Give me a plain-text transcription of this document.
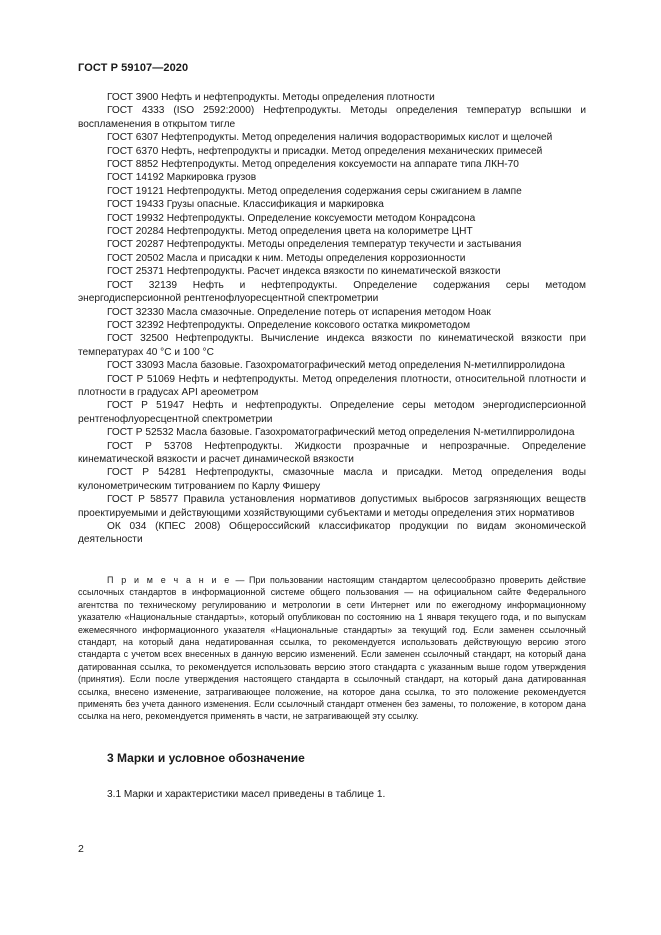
ГОСТ Р 59107—2020

ГОСТ 3900 Нефть и нефтепродукты. Методы определения плотности

ГОСТ 4333 (ISO 2592:2000) Нефтепродукты. Методы определения температур вспышки и воспламенения в открытом тигле

ГОСТ 6307 Нефтепродукты. Метод определения наличия водорастворимых кислот и щелочей

ГОСТ 6370 Нефть, нефтепродукты и присадки. Метод определения механических примесей

ГОСТ 8852 Нефтепродукты. Метод определения коксуемости на аппарате типа ЛКН-70

ГОСТ 14192 Маркировка грузов

ГОСТ 19121 Нефтепродукты. Метод определения содержания серы сжиганием в лампе

ГОСТ 19433 Грузы опасные. Классификация и маркировка

ГОСТ 19932 Нефтепродукты. Определение коксуемости методом Конрадсона

ГОСТ 20284 Нефтепродукты. Метод определения цвета на колориметре ЦНТ

ГОСТ 20287 Нефтепродукты. Методы определения температур текучести и застывания

ГОСТ 20502 Масла и присадки к ним. Методы определения коррозионности

ГОСТ 25371 Нефтепродукты. Расчет индекса вязкости по кинематической вязкости

ГОСТ 32139 Нефть и нефтепродукты. Определение содержания серы методом энергодисперсионной рентгенофлуоресцентной спектрометрии

ГОСТ 32330 Масла смазочные. Определение потерь от испарения методом Ноак

ГОСТ 32392 Нефтепродукты. Определение коксового остатка микрометодом

ГОСТ 32500 Нефтепродукты. Вычисление индекса вязкости по кинематической вязкости при температурах 40 °С и 100 °С

ГОСТ 33093 Масла базовые. Газохроматографический метод определения N-метилпирролидона

ГОСТ Р 51069 Нефть и нефтепродукты. Метод определения плотности, относительной плотности и плотности в градусах API ареометром

ГОСТ Р 51947 Нефть и нефтепродукты. Определение серы методом энергодисперсионной рентгенофлуоресцентной спектрометрии

ГОСТ Р 52532 Масла базовые. Газохроматографический метод определения N-метилпирролидона

ГОСТ Р 53708 Нефтепродукты. Жидкости прозрачные и непрозрачные. Определение кинематической вязкости и расчет динамической вязкости

ГОСТ Р 54281 Нефтепродукты, смазочные масла и присадки. Метод определения воды кулонометрическим титрованием по Карлу Фишеру

ГОСТ Р 58577 Правила установления нормативов допустимых выбросов загрязняющих веществ проектируемыми и действующими хозяйствующими субъектами и методы определения этих нормативов

ОК 034 (КПЕС 2008) Общероссийский классификатор продукции по видам экономической деятельности

П р и м е ч а н и е — При пользовании настоящим стандартом целесообразно проверить действие ссылочных стандартов в информационной системе общего пользования — на официальном сайте Федерального агентства по техническому регулированию и метрологии в сети Интернет или по ежегодному информационному указателю «Национальные стандарты», который опубликован по состоянию на 1 января текущего года, и по выпускам ежемесячного информационного указателя «Национальные стандарты» за текущий год. Если заменен ссылочный стандарт, на который дана недатированная ссылка, то рекомендуется использовать действующую версию этого стандарта с учетом всех внесенных в данную версию изменений. Если заменен ссылочный стандарт, на который дана датированная ссылка, то рекомендуется использовать версию этого стандарта с указанным выше годом утверждения (принятия). Если после утверждения настоящего стандарта в ссылочный стандарт, на который дана датированная ссылка, внесено изменение, затрагивающее положение, на которое дана ссылка, то это положение рекомендуется применять без учета данного изменения. Если ссылочный стандарт отменен без замены, то положение, в котором дана ссылка на него, рекомендуется применять в части, не затрагивающей эту ссылку.

3 Марки и условное обозначение

3.1 Марки и характеристики масел приведены в таблице 1.

2
